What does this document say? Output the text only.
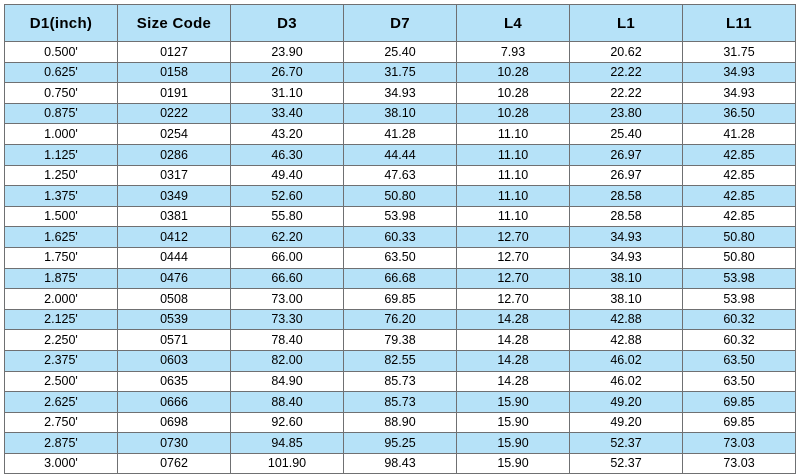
D1(inch)	Size Code	D3	D7	L4	L1	L11
0.500'	0127	23.90	25.40	7.93	20.62	31.75
0.625'	0158	26.70	31.75	10.28	22.22	34.93
0.750'	0191	31.10	34.93	10.28	22.22	34.93
0.875'	0222	33.40	38.10	10.28	23.80	36.50
1.000'	0254	43.20	41.28	11.10	25.40	41.28
1.125'	0286	46.30	44.44	11.10	26.97	42.85
1.250'	0317	49.40	47.63	11.10	26.97	42.85
1.375'	0349	52.60	50.80	11.10	28.58	42.85
1.500'	0381	55.80	53.98	11.10	28.58	42.85
1.625'	0412	62.20	60.33	12.70	34.93	50.80
1.750'	0444	66.00	63.50	12.70	34.93	50.80
1.875'	0476	66.60	66.68	12.70	38.10	53.98
2.000'	0508	73.00	69.85	12.70	38.10	53.98
2.125'	0539	73.30	76.20	14.28	42.88	60.32
2.250'	0571	78.40	79.38	14.28	42.88	60.32
2.375'	0603	82.00	82.55	14.28	46.02	63.50
2.500'	0635	84.90	85.73	14.28	46.02	63.50
2.625'	0666	88.40	85.73	15.90	49.20	69.85
2.750'	0698	92.60	88.90	15.90	49.20	69.85
2.875'	0730	94.85	95.25	15.90	52.37	73.03
3.000'	0762	101.90	98.43	15.90	52.37	73.03
